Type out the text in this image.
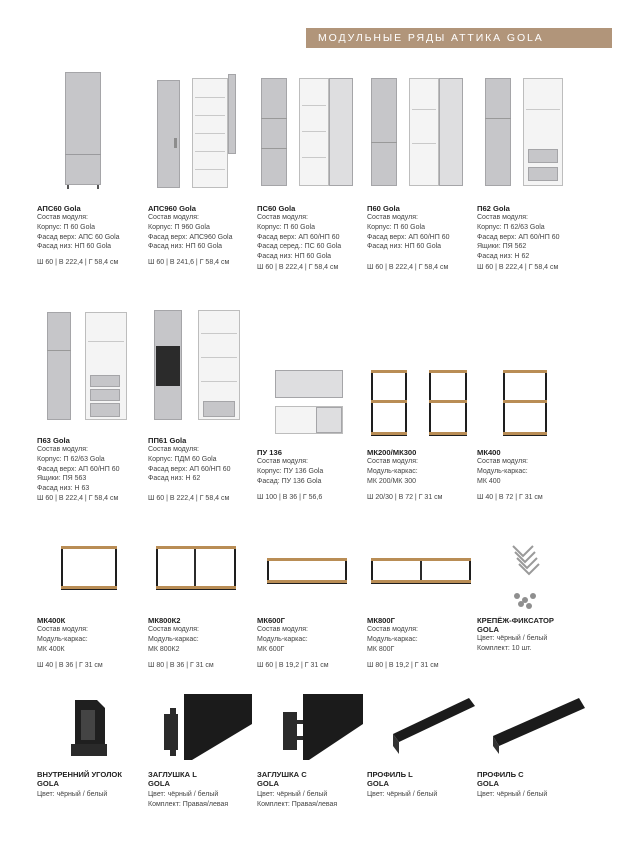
МОДУЛЬНЫЕ РЯДЫ АТТИКА GOLA
АПС60 Gola
Состав модуля:
Корпус: П 60 Gola
Фасад верх: АПС 60 Gola
Фасад низ: НП 60 Gola
Ш 60 | В 222,4 | Г 58,4 см
АПС960 Gola
Состав модуля:
Корпус: П 960 Gola
Фасад верх: АПС960 Gola
Фасад низ: НП 60 Gola
Ш 60 | В 241,6 | Г 58,4 см
ПС60 Gola
Состав модуля:
Корпус: П 60 Gola
Фасад верх: АП 60/НП 60
Фасад серед.: ПС 60 Gola
Фасад низ: НП 60 Gola
Ш 60 | В 222,4 | Г 58,4 см
П60 Gola
Состав модуля:
Корпус: П 60 Gola
Фасад верх: АП 60/НП 60
Фасад низ: НП 60 Gola
Ш 60 | В 222,4 | Г 58,4 см
П62 Gola
Состав модуля:
Корпус: П 62/63 Gola
Фасад верх: АП 60/НП 60
Ящики: ПЯ 562
Фасад низ: Н 62
Ш 60 | В 222,4 | Г 58,4 см
П63 Gola
Состав модуля:
Корпус: П 62/63 Gola
Фасад верх: АП 60/НП 60
Ящики: ПЯ 563
Фасад низ: Н 63
Ш 60 | В 222,4 | Г 58,4 см
ПП61 Gola
Состав модуля:
Корпус: ПДМ 60 Gola
Фасад верх: АП 60/НП 60
Фасад низ: Н 62
Ш 60 | В 222,4 | Г 58,4 см
ПУ 136
Состав модуля:
Корпус: ПУ 136 Gola
Фасад: ПУ 136 Gola
Ш 100 | В 36 | Г 56,6
МК200/МК300
Состав модуля:
Модуль-каркас:
МК 200/МК 300
Ш 20/30 | В 72 | Г 31 см
МК400
Состав модуля:
Модуль-каркас:
МК 400
Ш 40 | В 72 | Г 31 см
МК400К
Состав модуля:
Модуль-каркас:
МК 400К
Ш 40 | В 36 | Г 31 см
МК800К2
Состав модуля:
Модуль-каркас:
МК 800К2
Ш 80 | В 36 | Г 31 см
МК600Г
Состав модуля:
Модуль-каркас:
МК 600Г
Ш 60 | В 19,2 | Г 31 см
МК800Г
Состав модуля:
Модуль-каркас:
МК 800Г
Ш 80 | В 19,2 | Г 31 см
КРЕПЁЖ-ФИКСАТОР
GOLA
Цвет: чёрный / белый
Комплект: 10 шт.
ВНУТРЕННИЙ УГОЛОК
GOLA
Цвет: чёрный / белый
ЗАГЛУШКА L
GOLA
Цвет: чёрный / белый
Комплект: Правая/левая
ЗАГЛУШКА С
GOLA
Цвет: чёрный / белый
Комплект: Правая/левая
ПРОФИЛЬ L
GOLA
Цвет: чёрный / белый
ПРОФИЛЬ С
GOLA
Цвет: чёрный / белый
